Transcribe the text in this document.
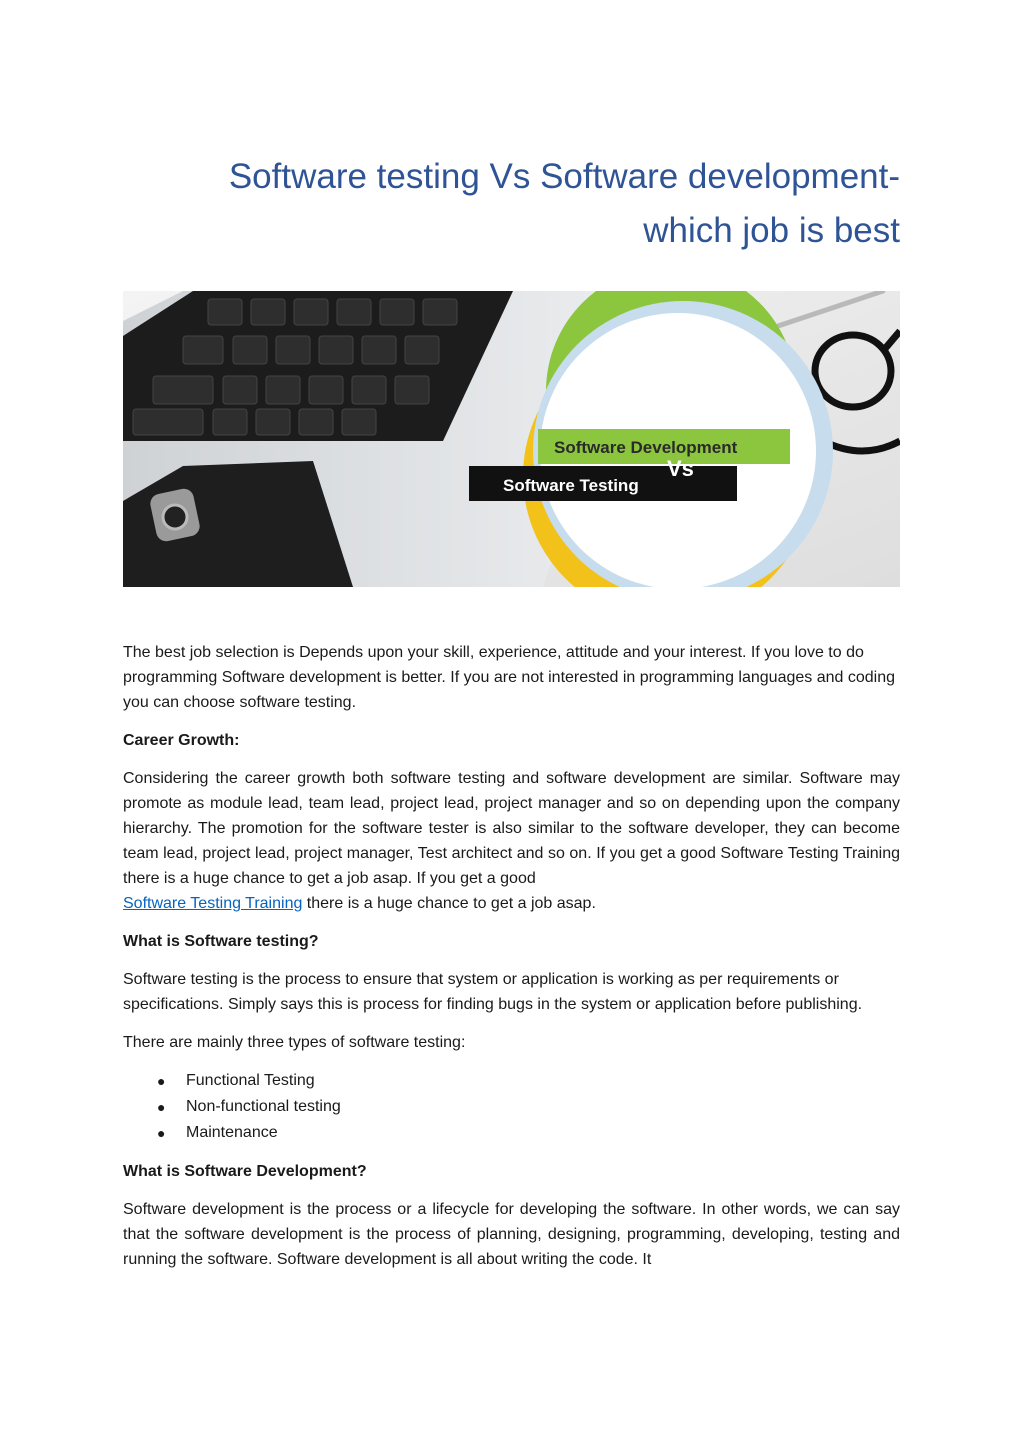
Software testing Vs Software development-
which job is best
Software Development
Software Testing
Vs

The best job selection is Depends upon your skill, experience, attitude and your interest. If you love to do programming Software development is better. If you are not interested in programming languages and coding you can choose software testing.

Career Growth:

Considering the career growth both software testing and software development are similar. Software may promote as module lead, team lead, project lead, project manager and so on depending upon the company hierarchy. The promotion for the software tester is also similar to the software developer, they can become team lead, project lead, project manager, Test architect and so on. If you get a good Software Testing Training there is a huge chance to get a job asap. If you get a good
Software Testing Training there is a huge chance to get a job asap.

What is Software testing?

Software testing is the process to ensure that system or application is working as per requirements or specifications. Simply says this is process for finding bugs in the system or application before publishing.

There are mainly three types of software testing:

● Functional Testing
● Non-functional testing
● Maintenance
What is Software Development?

Software development is the process or a lifecycle for developing the software. In other words, we can say that the software development is the process of planning, designing, programming, developing, testing and running the software. Software development is all about writing the code. It
